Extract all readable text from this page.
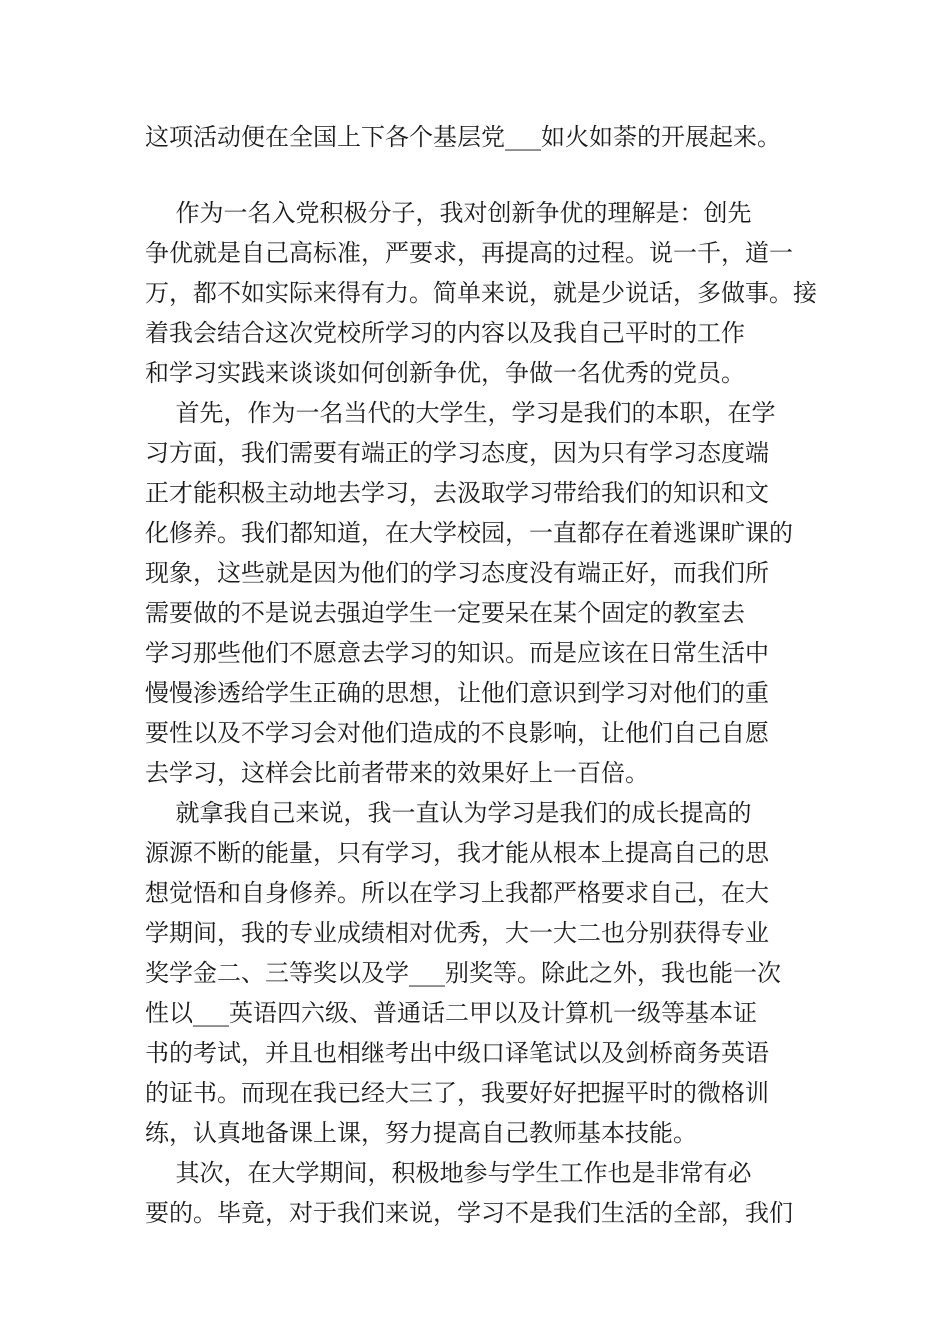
这项活动便在全国上下各个基层党___如火如荼的开展起来。
作为一名入党积极分子，我对创新争优的理解是：创先
争优就是自己高标准，严要求，再提高的过程。说一千，道一
万，都不如实际来得有力。简单来说，就是少说话，多做事。接
着我会结合这次党校所学习的内容以及我自己平时的工作
和学习实践来谈谈如何创新争优，争做一名优秀的党员。
首先，作为一名当代的大学生，学习是我们的本职，在学
习方面，我们需要有端正的学习态度，因为只有学习态度端
正才能积极主动地去学习，去汲取学习带给我们的知识和文
化修养。我们都知道，在大学校园，一直都存在着逃课旷课的
现象，这些就是因为他们的学习态度没有端正好，而我们所
需要做的不是说去强迫学生一定要呆在某个固定的教室去
学习那些他们不愿意去学习的知识。而是应该在日常生活中
慢慢渗透给学生正确的思想，让他们意识到学习对他们的重
要性以及不学习会对他们造成的不良影响，让他们自己自愿
去学习，这样会比前者带来的效果好上一百倍。
就拿我自己来说，我一直认为学习是我们的成长提高的
源源不断的能量，只有学习，我才能从根本上提高自己的思
想觉悟和自身修养。所以在学习上我都严格要求自己，在大
学期间，我的专业成绩相对优秀，大一大二也分别获得专业
奖学金二、三等奖以及学___别奖等。除此之外，我也能一次
性以___英语四六级、普通话二甲以及计算机一级等基本证
书的考试，并且也相继考出中级口译笔试以及剑桥商务英语
的证书。而现在我已经大三了，我要好好把握平时的微格训
练，认真地备课上课，努力提高自己教师基本技能。
其次，在大学期间，积极地参与学生工作也是非常有必
要的。毕竟，对于我们来说，学习不是我们生活的全部，我们
